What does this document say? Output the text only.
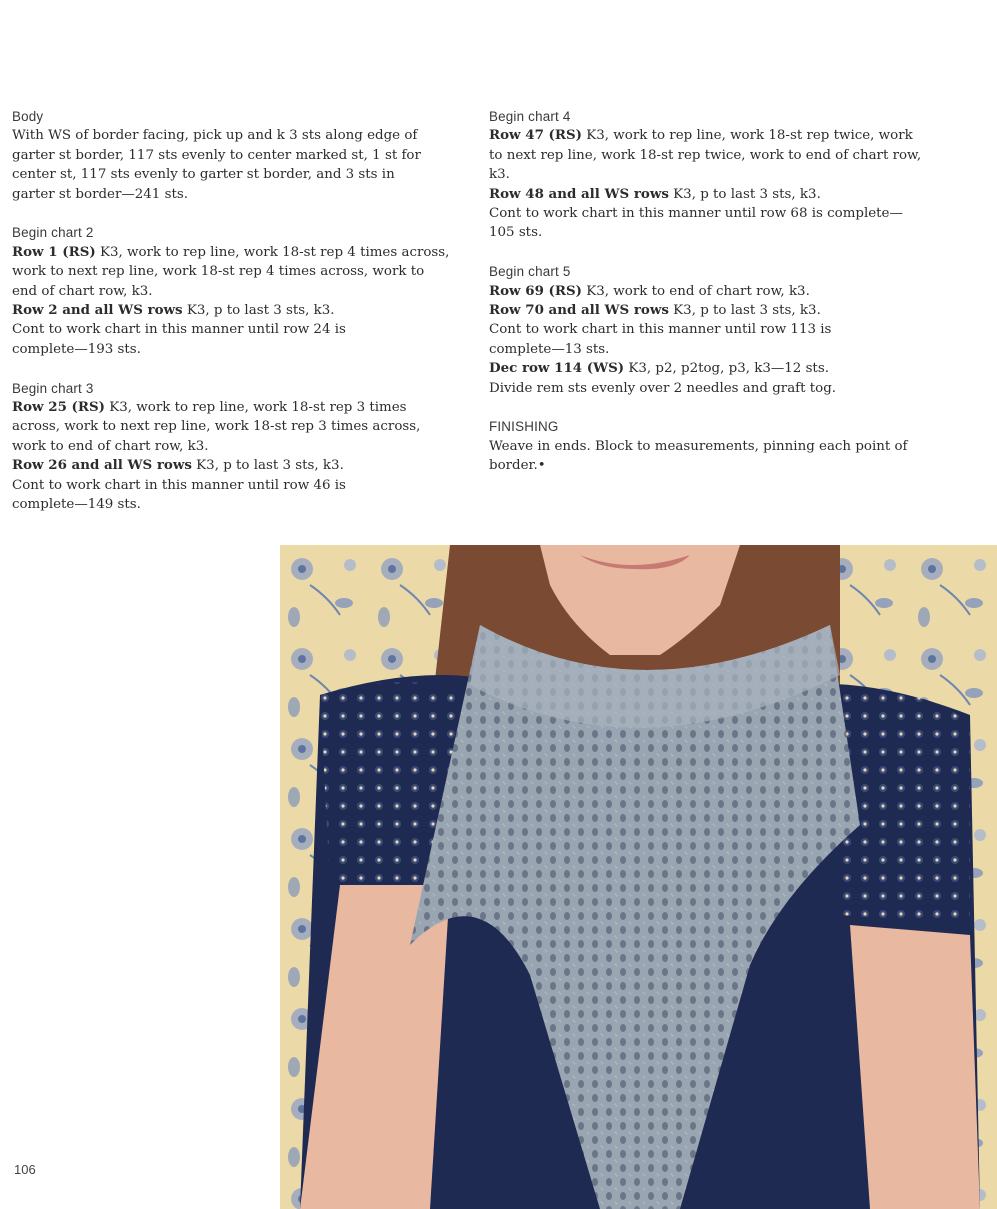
Body
With WS of border facing, pick up and k 3 sts along edge of
garter st border, 117 sts evenly to center marked st, 1 st for
center st, 117 sts evenly to garter st border, and 3 sts in
garter st border—241 sts.
Begin chart 2
Row 1 (RS) K3, work to rep line, work 18-st rep 4 times across,
work to next rep line, work 18-st rep 4 times across, work to
end of chart row, k3.
Row 2 and all WS rows K3, p to last 3 sts, k3.
Cont to work chart in this manner until row 24 is
complete—193 sts.
Begin chart 3
Row 25 (RS) K3, work to rep line, work 18-st rep 3 times
across, work to next rep line, work 18-st rep 3 times across,
work to end of chart row, k3.
Row 26 and all WS rows K3, p to last 3 sts, k3.
Cont to work chart in this manner until row 46 is
complete—149 sts.
Begin chart 4
Row 47 (RS) K3, work to rep line, work 18-st rep twice, work
to next rep line, work 18-st rep twice, work to end of chart row,
k3.
Row 48 and all WS rows K3, p to last 3 sts, k3.
Cont to work chart in this manner until row 68 is complete—
105 sts.
Begin chart 5
Row 69 (RS) K3, work to end of chart row, k3.
Row 70 and all WS rows K3, p to last 3 sts, k3.
Cont to work chart in this manner until row 113 is
complete—13 sts.
Dec row 114 (WS) K3, p2, p2tog, p3, k3—12 sts.
Divide rem sts evenly over 2 needles and graft tog.
FINISHING
Weave in ends. Block to measurements, pinning each point of
border.•
106
